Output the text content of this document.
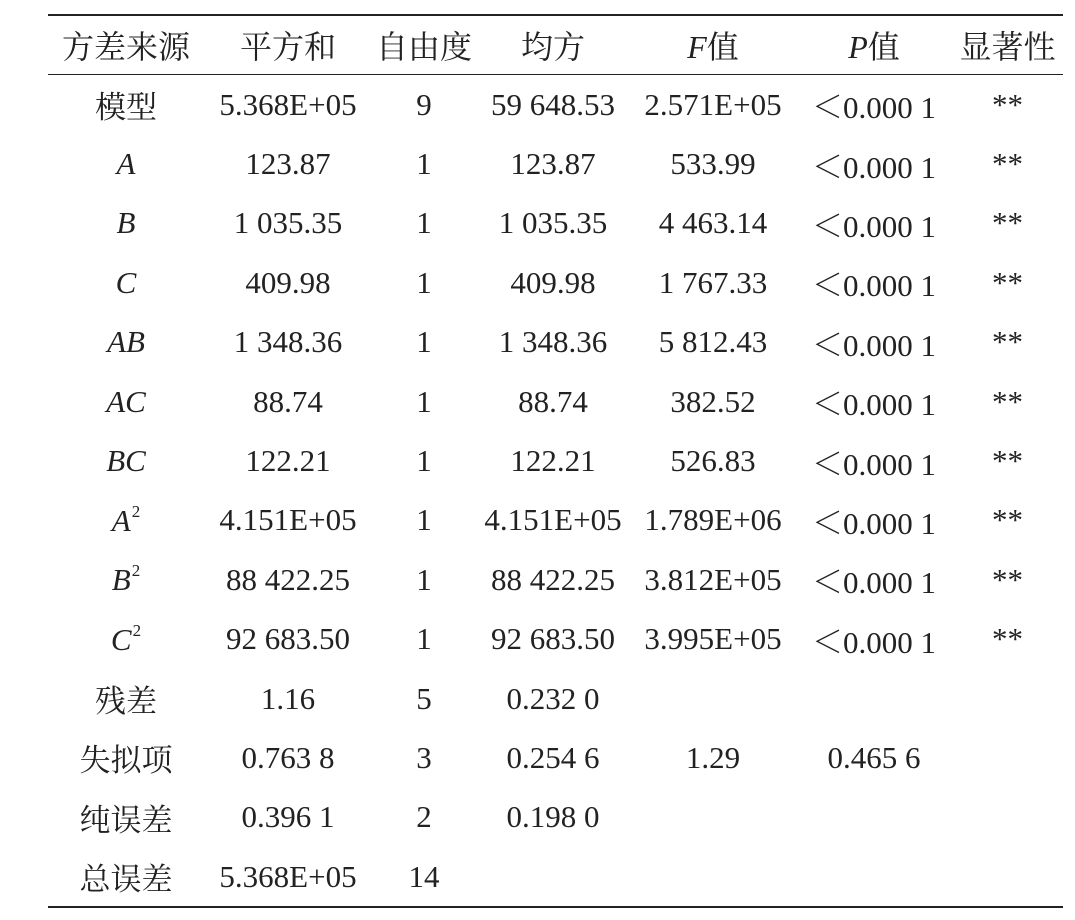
方差来源	平方和	自由度	均方	F值	P值	显著性
模型	5.368E+05	9	59 648.53	2.571E+05	＜0.000 1	**
A	123.87	1	123.87	533.99	＜0.000 1	**
B	1 035.35	1	1 035.35	4 463.14	＜0.000 1	**
C	409.98	1	409.98	1 767.33	＜0.000 1	**
AB	1 348.36	1	1 348.36	5 812.43	＜0.000 1	**
AC	88.74	1	88.74	382.52	＜0.000 1	**
BC	122.21	1	122.21	526.83	＜0.000 1	**
$A^2$	4.151E+05	1	4.151E+05	1.789E+06	＜0.000 1	**
$B^2$	88 422.25	1	88 422.25	3.812E+05	＜0.000 1	**
$C^2$	92 683.50	1	92 683.50	3.995E+05	＜0.000 1	**
残差	1.16	5	0.232 0			
失拟项	0.763 8	3	0.254 6	1.29	0.465 6	
纯误差	0.396 1	2	0.198 0			
总误差	5.368E+05	14				
